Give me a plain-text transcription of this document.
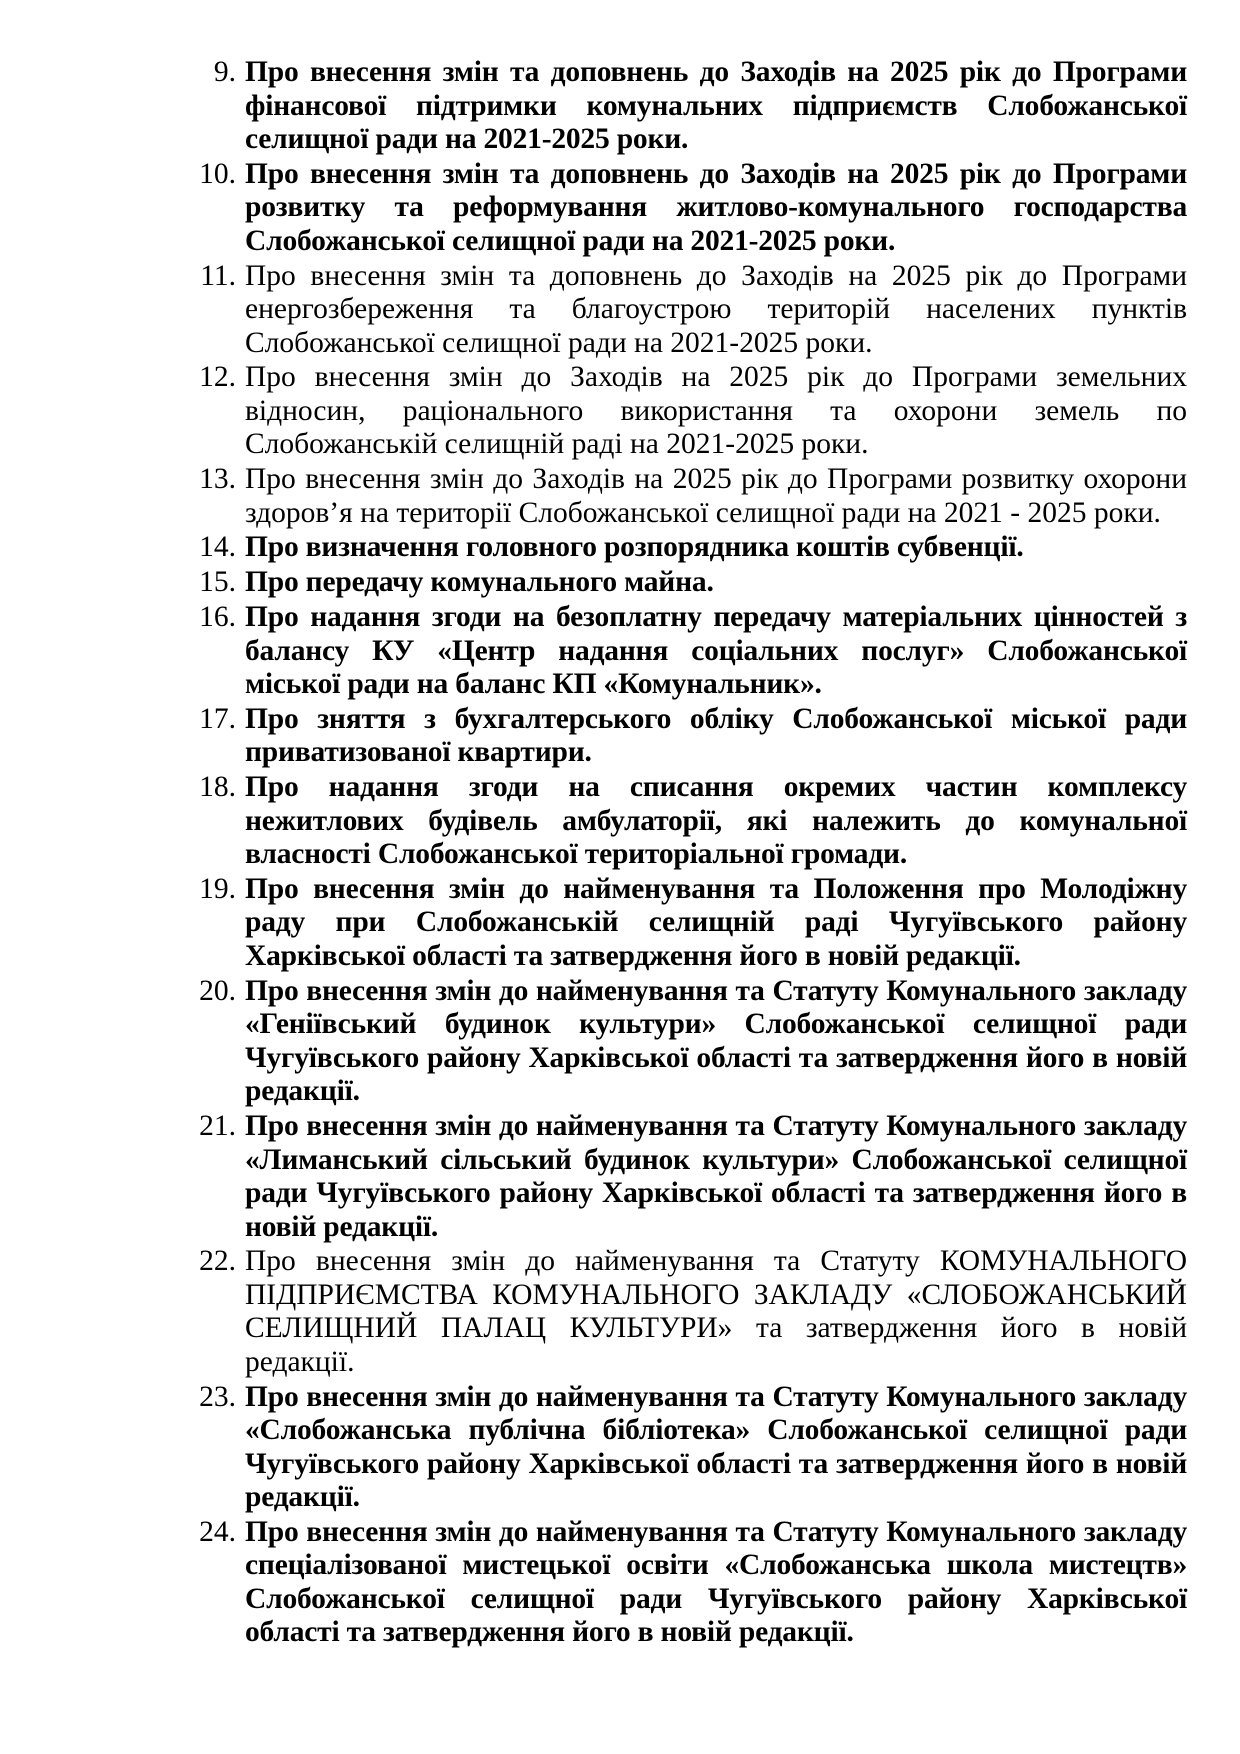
9. Про внесення змін та доповнень до Заходів на 2025 рік до Програми фінансової підтримки комунальних підприємств Слобожанської селищної ради на 2021-2025 роки.
10. Про внесення змін та доповнень до Заходів на 2025 рік до Програми розвитку та реформування житлово-комунального господарства Слобожанської селищної ради на 2021-2025 роки.
11. Про внесення змін та доповнень до Заходів на 2025 рік до Програми енергозбереження та благоустрою територій населених пунктів Слобожанської селищної ради на 2021-2025 роки.
12. Про внесення змін до Заходів на 2025 рік до Програми земельних відносин, раціонального використання та охорони земель по Слобожанській селищній раді на 2021-2025 роки.
13. Про внесення змін до Заходів на 2025 рік до Програми розвитку охорони здоров’я на території Слобожанської селищної ради на 2021 - 2025 роки.
14. Про визначення головного розпорядника коштів субвенції.
15. Про передачу комунального майна.
16. Про надання згоди на безоплатну передачу матеріальних цінностей з балансу КУ «Центр надання соціальних послуг» Слобожанської міської ради на баланс КП «Комунальник».
17. Про зняття з бухгалтерського обліку Слобожанської міської ради приватизованої квартири.
18. Про надання згоди на списання окремих частин комплексу нежитлових будівель амбулаторії, які належить до комунальної власності Слобожанської територіальної громади.
19. Про внесення змін до найменування та Положення про Молодіжну раду при Слобожанській селищній раді Чугуївського району Харківської області та затвердження його в новій редакції.
20. Про внесення змін до найменування та Статуту Комунального закладу «Геніївський будинок культури» Слобожанської селищної ради Чугуївського району Харківської області та затвердження його в новій редакції.
21. Про внесення змін до найменування та Статуту Комунального закладу «Лиманський сільський будинок культури» Слобожанської селищної ради Чугуївського району Харківської області та затвердження його в новій редакції.
22. Про внесення змін до найменування та Статуту КОМУНАЛЬНОГО ПІДПРИЄМСТВА КОМУНАЛЬНОГО ЗАКЛАДУ «СЛОБОЖАНСЬКИЙ СЕЛИЩНИЙ ПАЛАЦ КУЛЬТУРИ» та затвердження його в новій редакції.
23. Про внесення змін до найменування та Статуту Комунального закладу «Слобожанська публічна бібліотека» Слобожанської селищної ради Чугуївського району Харківської області та затвердження його в новій редакції.
24. Про внесення змін до найменування та Статуту Комунального закладу спеціалізованої мистецької освіти «Слобожанська школа мистецтв» Слобожанської селищної ради Чугуївського району Харківської області та затвердження його в новій редакції.
